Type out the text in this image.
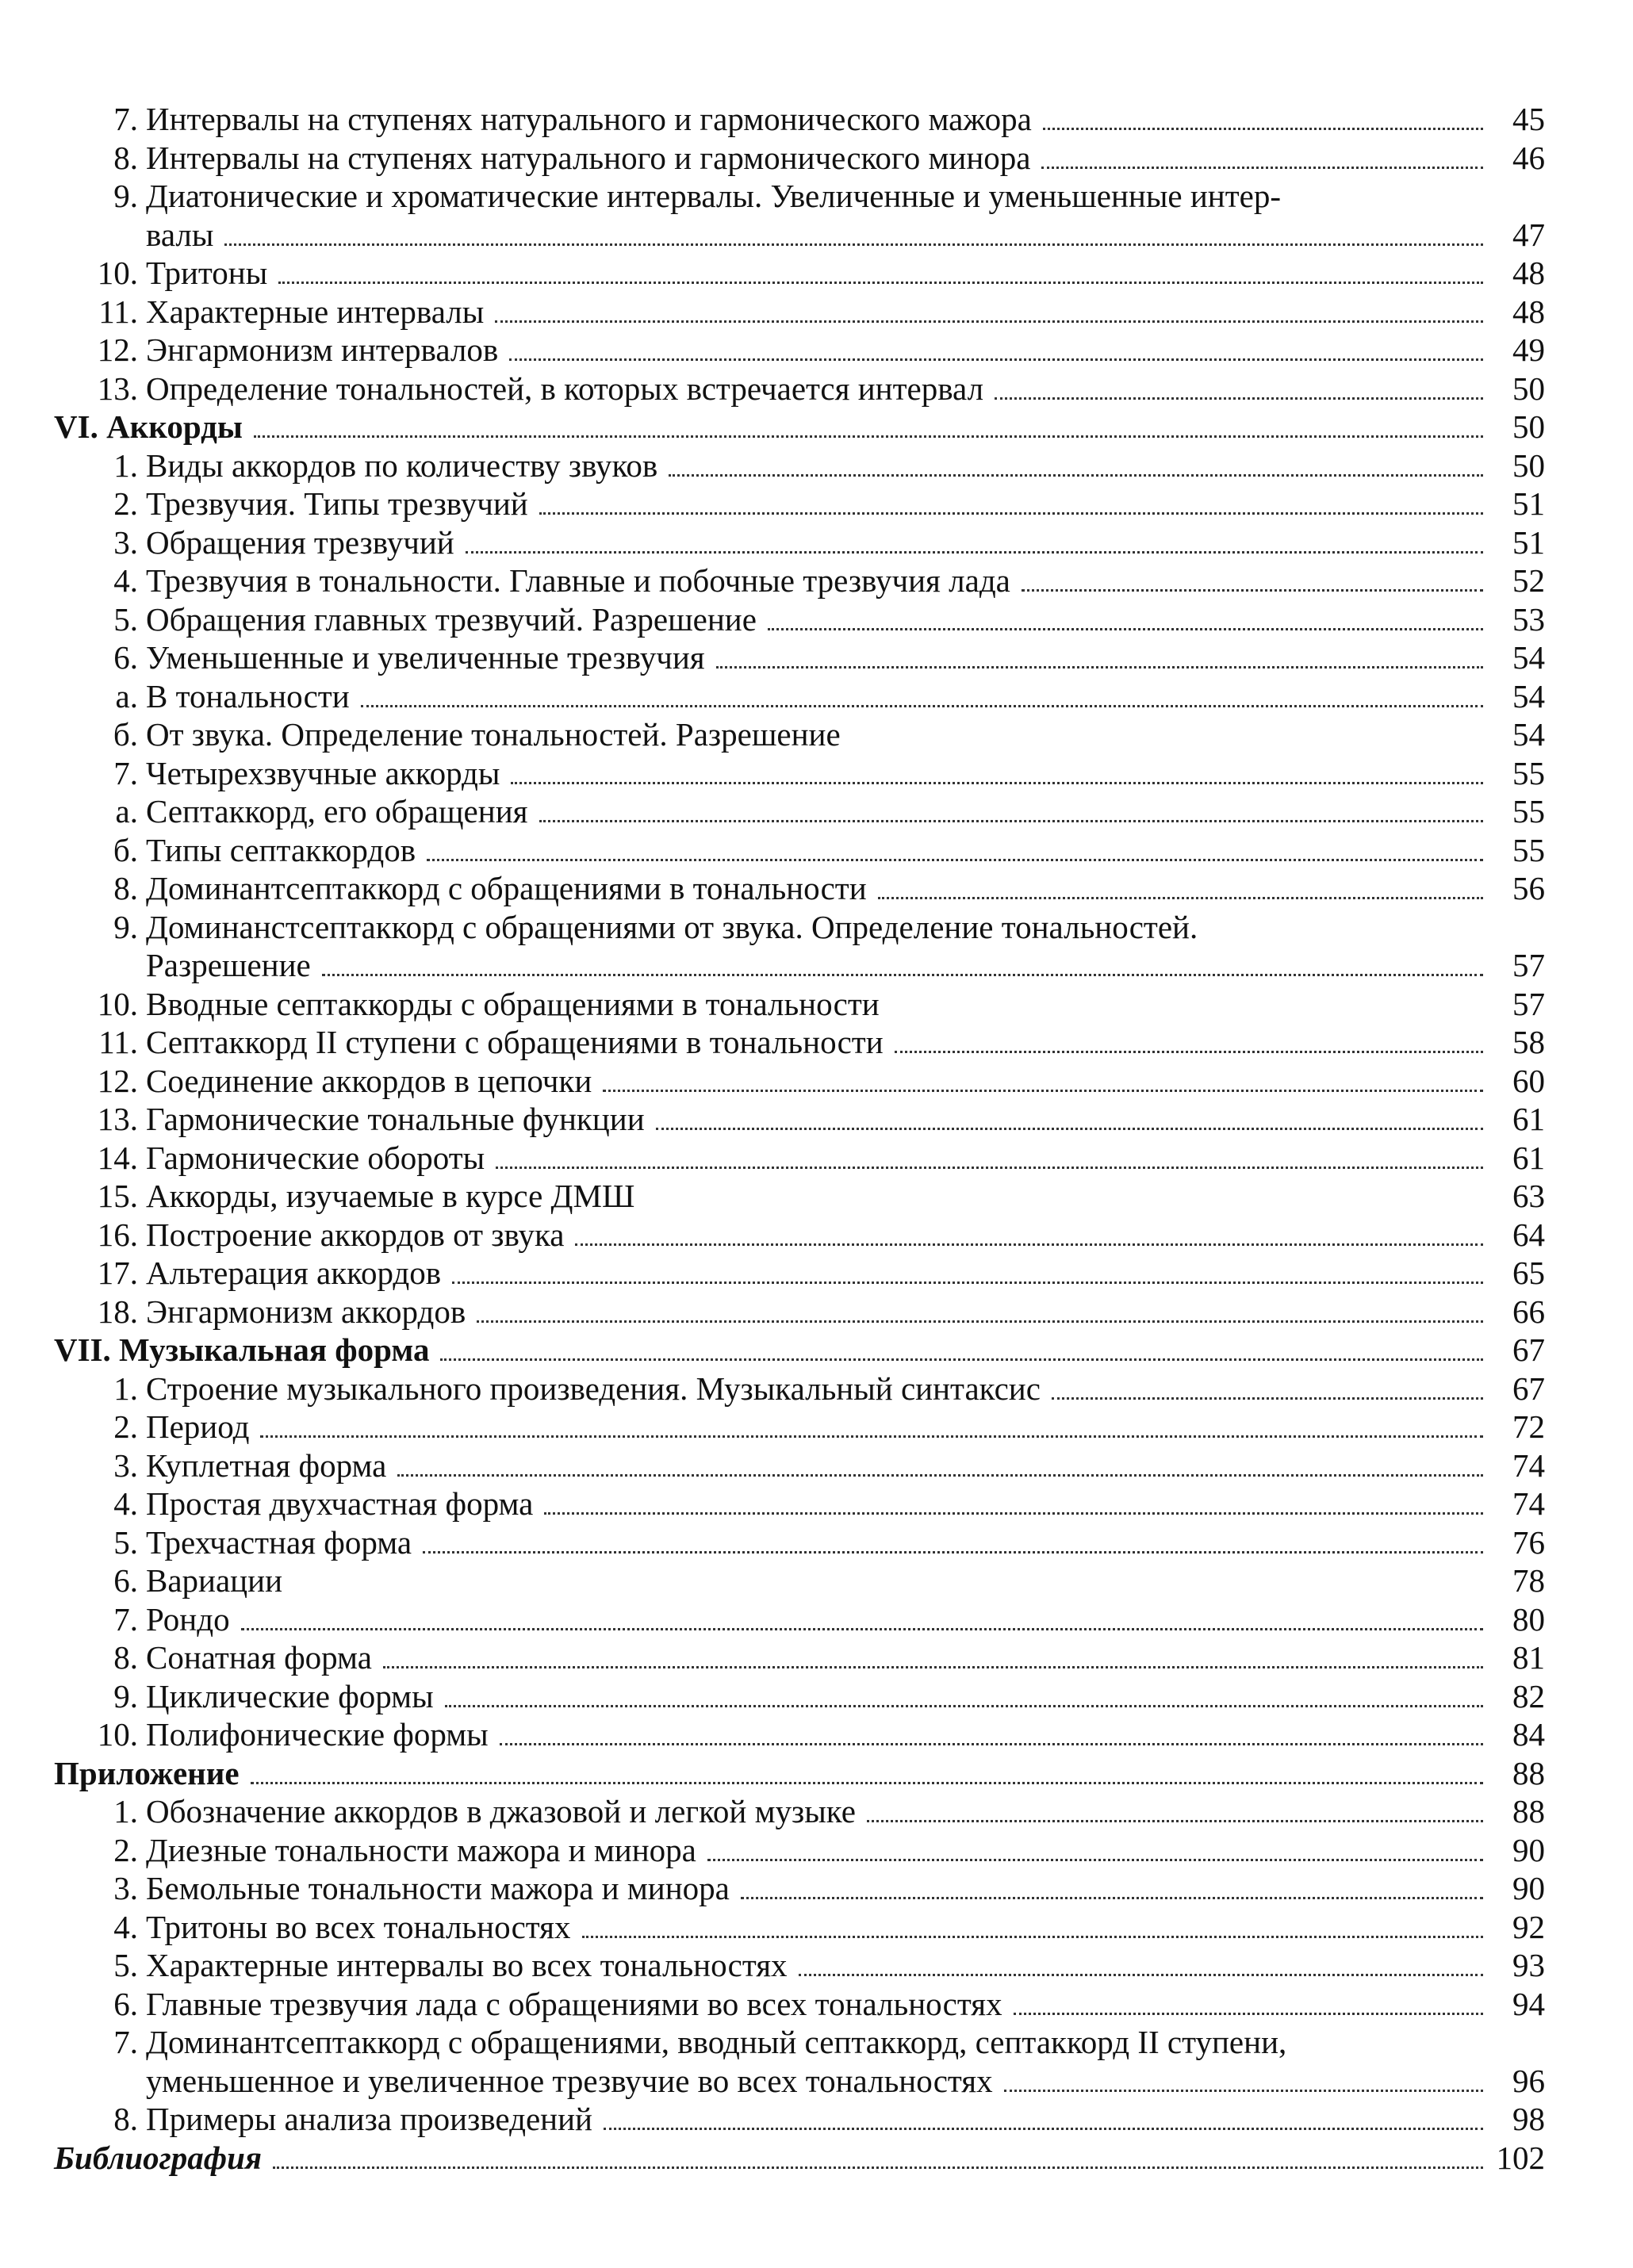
7. Интервалы на ступенях натурального и гармонического мажора	45
8. Интервалы на ступенях натурального и гармонического минора	46
9. Диатонические и хроматические интервалы. Увеличенные и уменьшенные интер-
валы	47
10. Тритоны	48
11. Характерные интервалы	48
12. Энгармонизм интервалов	49
13. Определение тональностей, в которых встречается интервал	50
VI. Аккорды	50
1. Виды аккордов по количеству звуков	50
2. Трезвучия. Типы трезвучий	51
3. Обращения трезвучий	51
4. Трезвучия в тональности. Главные и побочные трезвучия лада	52
5. Обращения главных трезвучий. Разрешение	53
6. Уменьшенные и увеличенные трезвучия	54
а. В тональности	54
б. От звука. Определение тональностей. Разрешение	54
7. Четырехзвучные аккорды	55
а. Септаккорд, его обращения	55
б. Типы септаккордов	55
8. Доминантсептаккорд с обращениями в тональности	56
9. Доминанстсептаккорд с обращениями от звука. Определение тональностей.
Разрешение	57
10. Вводные септаккорды с обращениями в тональности	57
11. Септаккорд II ступени с обращениями в тональности	58
12. Соединение аккордов в цепочки	60
13. Гармонические тональные функции	61
14. Гармонические обороты	61
15. Аккорды, изучаемые в курсе ДМШ	63
16. Построение аккордов от звука	64
17. Альтерация аккордов	65
18. Энгармонизм аккордов	66
VII. Музыкальная форма	67
1. Строение музыкального произведения. Музыкальный синтаксис	67
2. Период	72
3. Куплетная форма	74
4. Простая двухчастная форма	74
5. Трехчастная форма	76
6. Вариации	78
7. Рондо	80
8. Сонатная форма	81
9. Циклические формы	82
10. Полифонические формы	84
Приложение	88
1. Обозначение аккордов в джазовой и легкой музыке	88
2. Диезные тональности мажора и минора	90
3. Бемольные тональности мажора и минора	90
4. Тритоны во всех тональностях	92
5. Характерные интервалы во всех тональностях	93
6. Главные трезвучия лада с обращениями во всех тональностях	94
7. Доминантсептаккорд с обращениями, вводный септаккорд, септаккорд II ступени,
уменьшенное и увеличенное трезвучие во всех тональностях	96
8. Примеры анализа произведений	98
Библиография	102
